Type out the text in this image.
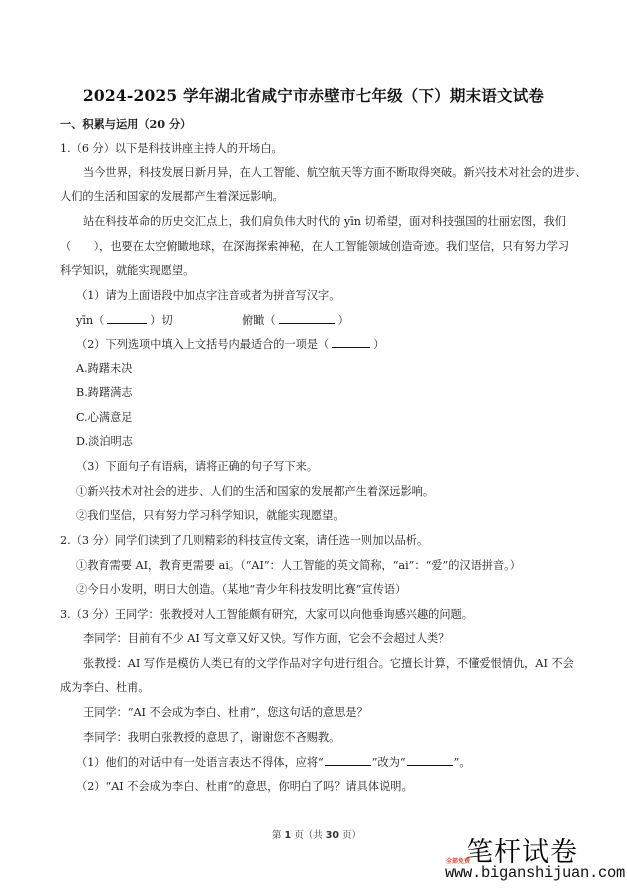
2024-2025 学年湖北省咸宁市赤壁市七年级（下）期末语文试卷
一、积累与运用（20 分）
1.（6 分）以下是科技讲座主持人的开场白。
当今世界，科技发展日新月异，在人工智能、航空航天等方面不断取得突破。新兴技术对社会的进步、
人们的生活和国家的发展都产生着深远影响。
站在科技革命的历史交汇点上，我们肩负伟大时代的 yīn 切希望，面对科技强国的壮丽宏图，我们
（　　），也要在太空俯瞰地球，在深海探索神秘，在人工智能领域创造奇迹。我们坚信，只有努力学习
科学知识，就能实现愿望。
（1）请为上面语段中加点字注音或者为拼音写汉字。
yīn（	）切	俯瞰（	）
（2）下列选项中填入上文括号内最适合的一项是（	）
A.踌躇未决
B.踌躇满志
C.心满意足
D.淡泊明志
（3）下面句子有语病，请将正确的句子写下来。
①新兴技术对社会的进步、人们的生活和国家的发展都产生着深远影响。
②我们坚信，只有努力学习科学知识，就能实现愿望。
2.（3 分）同学们读到了几则精彩的科技宣传文案，请任选一则加以品析。
①教育需要 AI，教育更需要 ai。（“AI”：人工智能的英文简称，“ai”：“爱”的汉语拼音。）
②今日小发明，明日大创造。（某地“青少年科技发明比赛”宣传语）
3.（3 分）王同学：张教授对人工智能颇有研究，大家可以向他垂询感兴趣的问题。
李同学：目前有不少 AI 写文章又好又快。写作方面，它会不会超过人类？
张教授：AI 写作是模仿人类已有的文学作品对字句进行组合。它擅长计算，不懂爱恨情仇，AI 不会
成为李白、杜甫。
王同学：“AI 不会成为李白、杜甫”，您这句话的意思是？
李同学：我明白张教授的意思了，谢谢您不吝赐教。
（1）他们的对话中有一处语言表达不得体，应将“	”改为“	”。
（2）“AI 不会成为李白、杜甫”的意思，你明白了吗？请具体说明。
第 1 页（共 30 页）
笔杆试卷
全部免费
www.biganshijuan.com
